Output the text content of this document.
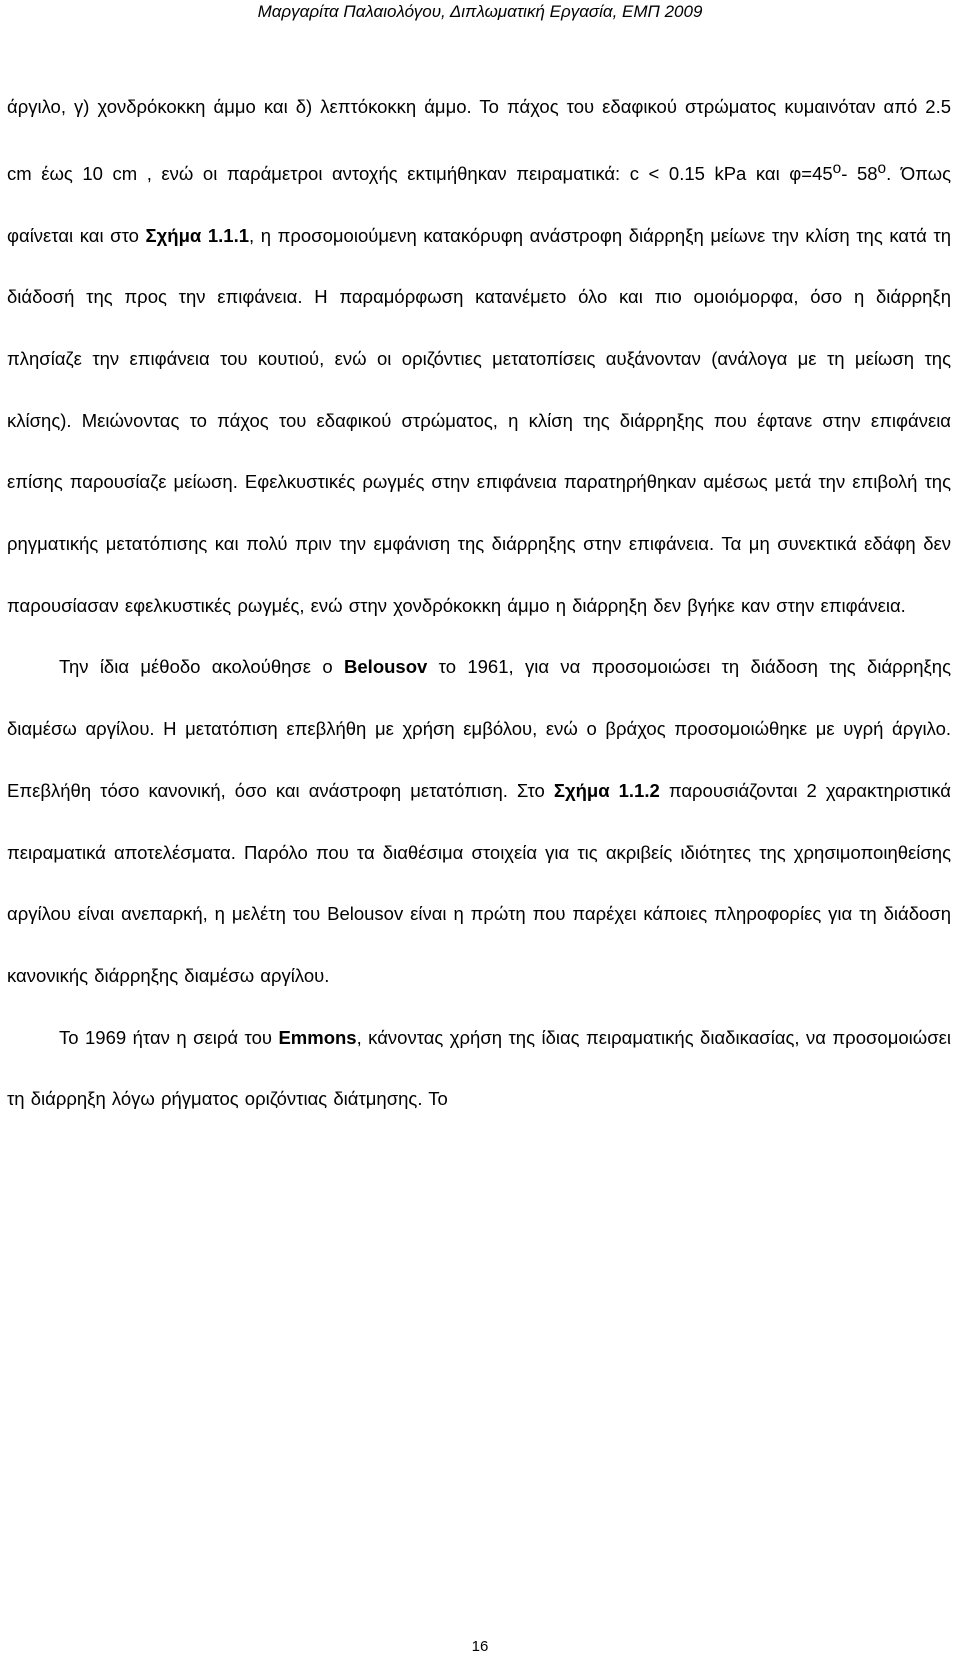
Μαργαρίτα Παλαιολόγου, Διπλωματική Εργασία, ΕΜΠ 2009

άργιλο, γ) χονδρόκοκκη άμμο και δ) λεπτόκοκκη άμμο. Το πάχος του εδαφικού στρώματος κυμαινόταν από 2.5 cm έως 10 cm , ενώ οι παράμετροι αντοχής εκτιμήθηκαν πειραματικά: c < 0.15 kPa και $\varphi=45^o-$ $58^o$. Όπως φαίνεται και στο Σχήμα 1.1.1, η προσομοιούμενη κατακόρυφη ανάστροφη διάρρηξη μείωνε την κλίση της κατά τη διάδοσή της προς την επιφάνεια. Η παραμόρφωση κατανέμετο όλο και πιο ομοιόμορφα, όσο η διάρρηξη πλησίαζε την επιφάνεια του κουτιού, ενώ οι οριζόντιες μετατοπίσεις αυξάνονταν (ανάλογα με τη μείωση της κλίσης). Μειώνοντας το πάχος του εδαφικού στρώματος, η κλίση της διάρρηξης που έφτανε στην επιφάνεια επίσης παρουσίαζε μείωση. Εφελκυστικές ρωγμές στην επιφάνεια παρατηρήθηκαν αμέσως μετά την επιβολή της ρηγματικής μετατόπισης και πολύ πριν την εμφάνιση της διάρρηξης στην επιφάνεια. Τα μη συνεκτικά εδάφη δεν παρουσίασαν εφελκυστικές ρωγμές, ενώ στην χονδρόκοκκη άμμο η διάρρηξη δεν βγήκε καν στην επιφάνεια.

Την ίδια μέθοδο ακολούθησε ο Belousov το 1961, για να προσομοιώσει τη διάδοση της διάρρηξης διαμέσω αργίλου. Η μετατόπιση επεβλήθη με χρήση εμβόλου, ενώ ο βράχος προσομοιώθηκε με υγρή άργιλο. Επεβλήθη τόσο κανονική, όσο και ανάστροφη μετατόπιση. Στο Σχήμα 1.1.2 παρουσιάζονται 2 χαρακτηριστικά πειραματικά αποτελέσματα. Παρόλο που τα διαθέσιμα στοιχεία για τις ακριβείς ιδιότητες της χρησιμοποιηθείσης αργίλου είναι ανεπαρκή, η μελέτη του Belousov είναι η πρώτη που παρέχει κάποιες πληροφορίες για τη διάδοση κανονικής διάρρηξης διαμέσω αργίλου.

Το 1969 ήταν η σειρά του Emmons, κάνοντας χρήση της ίδιας πειραματικής διαδικασίας, να προσομοιώσει τη διάρρηξη λόγω ρήγματος οριζόντιας διάτμησης. Το

16
